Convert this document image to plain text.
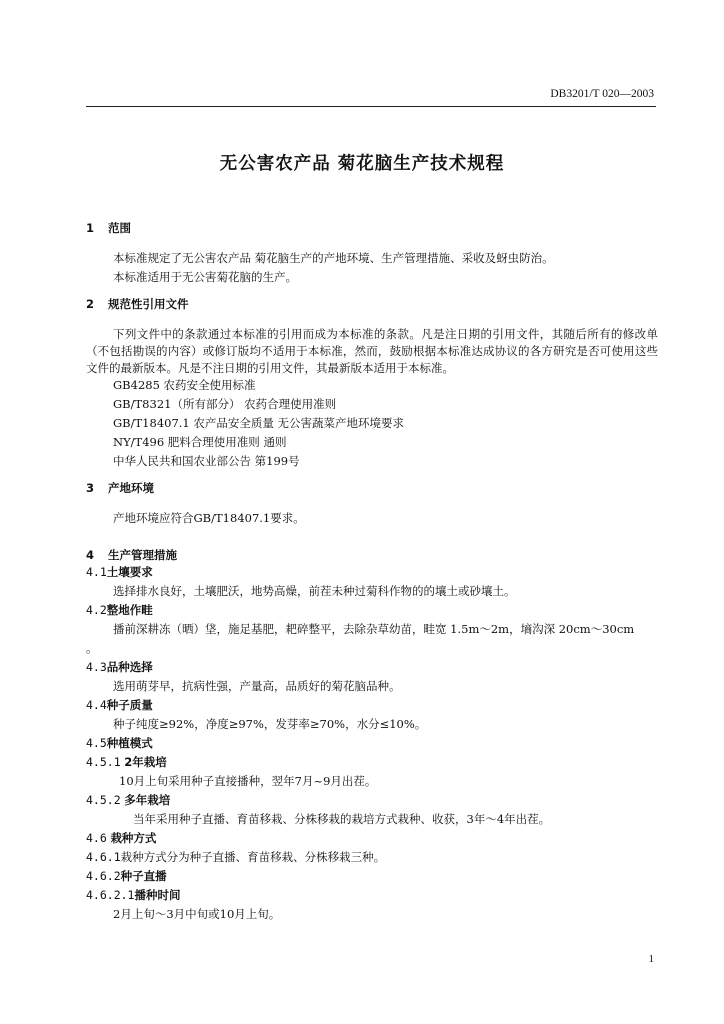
DB3201/T 020—2003
无公害农产品 菊花脑生产技术规程
1 范围
本标准规定了无公害农产品 菊花脑生产的产地环境、生产管理措施、采收及蚜虫防治。
本标准适用于无公害菊花脑的生产。
2 规范性引用文件
下列文件中的条款通过本标准的引用而成为本标准的条款。凡是注日期的引用文件，其随后所有的修改单（不包括勘误的内容）或修订版均不适用于本标准，然而，鼓励根据本标准达成协议的各方研究是否可使用这些文件的最新版本。凡是不注日期的引用文件，其最新版本适用于本标准。
GB4285 农药安全使用标准
GB/T8321（所有部分） 农药合理使用准则
GB/T18407.1 农产品安全质量 无公害蔬菜产地环境要求
NY/T496 肥料合理使用准则 通则
中华人民共和国农业部公告 第199号
3 产地环境
产地环境应符合GB/T18407.1要求。
4 生产管理措施
4.1土壤要求
选择排水良好，土壤肥沃，地势高燥，前茬未种过菊科作物的的壤土或砂壤土。
4.2整地作畦
播前深耕冻（晒）垡，施足基肥，耙碎整平，去除杂草幼苗，畦宽 1.5m～2m，墒沟深 20cm～30cm
。
4.3品种选择
选用萌芽早，抗病性强，产量高，品质好的菊花脑品种。
4.4种子质量
种子纯度≥92%，净度≥97%，发芽率≥70%，水分≤10%。
4.5种植模式
4.5.1 2年栽培
10月上旬采用种子直接播种，翌年7月~9月出茬。
4.5.2 多年栽培
当年采用种子直播、育苗移栽、分株移栽的栽培方式栽种、收获，3年～4年出茬。
4.6 栽种方式
4.6.1栽种方式分为种子直播、育苗移栽、分株移栽三种。
4.6.2种子直播
4.6.2.1播种时间
2月上旬～3月中旬或10月上旬。
1
